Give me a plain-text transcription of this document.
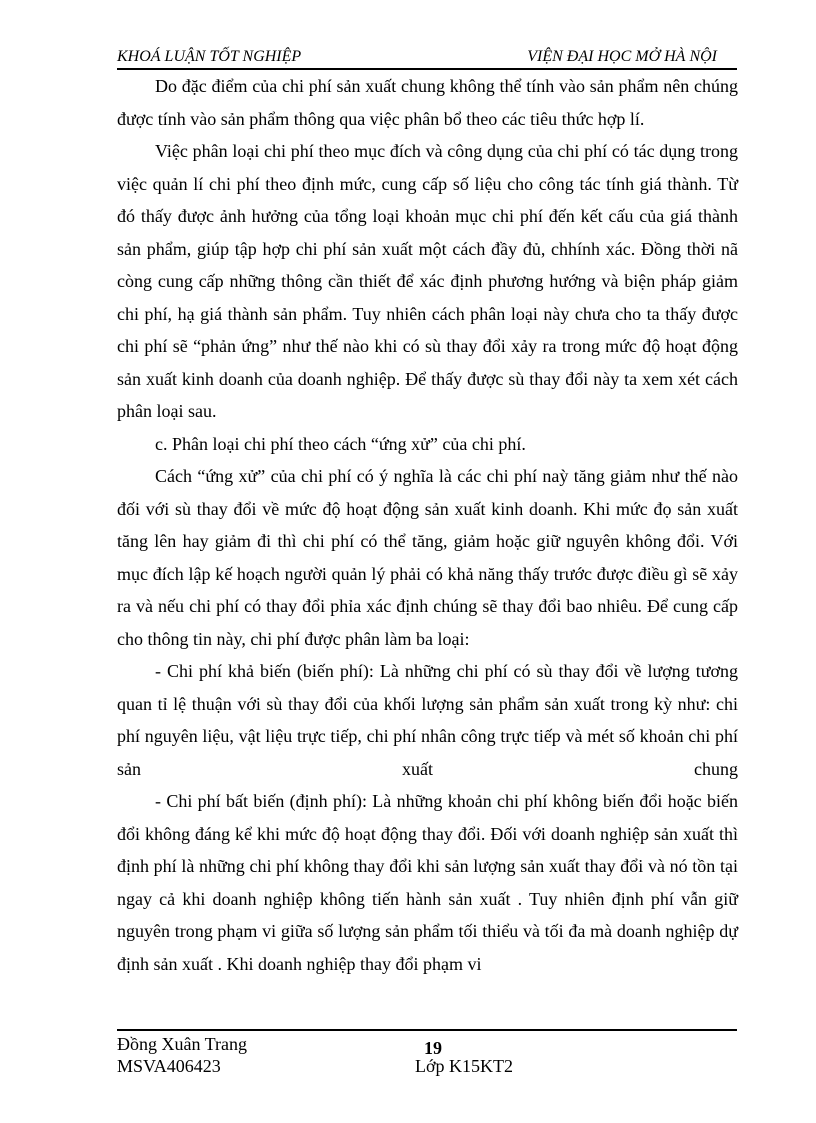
KHOÁ LUẬN TỐT NGHIỆP	VIỆN ĐẠI HỌC MỞ HÀ NỘI

Do đặc điểm của chi phí sản xuất chung không thể tính vào sản phẩm nên chúng được tính vào sản phẩm thông qua việc phân bổ theo các tiêu thức hợp lí.

Việc phân loại chi phí theo mục đích và công dụng của chi phí có tác dụng trong việc quản lí chi phí theo định mức, cung cấp số liệu cho công tác tính giá thành. Từ đó thấy được ảnh hưởng của tổng loại khoản mục chi phí đến kết cấu của giá thành sản phẩm, giúp tập hợp chi phí sản xuất một cách đầy đủ, chhính xác. Đồng thời nã còng cung cấp những thông cần thiết để xác định phương hướng và biện pháp giảm chi phí, hạ giá thành sản phẩm. Tuy nhiên cách phân loại này chưa cho ta thấy được chi phí sẽ “phản ứng” như thế nào khi có sù thay đổi xảy ra trong mức độ hoạt động sản xuất kinh doanh của doanh nghiệp. Để thấy được sù thay đổi này ta xem xét cách phân loại sau.

c. Phân loại chi phí theo cách “ứng xử” của chi phí.

Cách “ứng xử” của chi phí có ý nghĩa là các chi phí naỳ tăng giảm như thế nào đối với sù thay đổi về mức độ hoạt động sản xuất kinh doanh. Khi mức đọ sản xuất tăng lên hay giảm đi thì chi phí có thể tăng, giảm hoặc giữ nguyên không đổi. Với mục đích lập kế hoạch người quản lý phải có khả năng thấy trước được điều gì sẽ xảy ra và nếu chi phí có thay đổi phỉa xác định chúng sẽ thay đổi bao nhiêu. Để cung cấp cho thông tin này, chi phí được phân làm ba loại:

- Chi phí khả biến (biến phí): Là những chi phí có sù thay đổi về lượng tương quan tỉ lệ thuận với sù thay đổi của khối lượng sản phẩm sản xuất trong kỳ như: chi phí nguyên liệu, vật liệu trực tiếp, chi phí nhân công trực tiếp và mét số khoản chi phí sản xuất chung

- Chi phí bất biến (định phí): Là những khoản chi phí không biến đổi hoặc biến đổi không đáng kể khi mức độ hoạt động thay đổi. Đối với doanh nghiệp sản xuất thì định phí là những chi phí không thay đổi khi sản lượng sản xuất thay đổi và nó tồn tại ngay cả khi doanh nghiệp không tiến hành sản xuất . Tuy nhiên định phí vẫn giữ nguyên trong phạm vi giữa số lượng sản phẩm tối thiểu và tối đa mà doanh nghiệp dự định sản xuất . Khi doanh nghiệp thay đổi phạm vi

Đồng Xuân Trang
MSVA406423
19
Lớp K15KT2
